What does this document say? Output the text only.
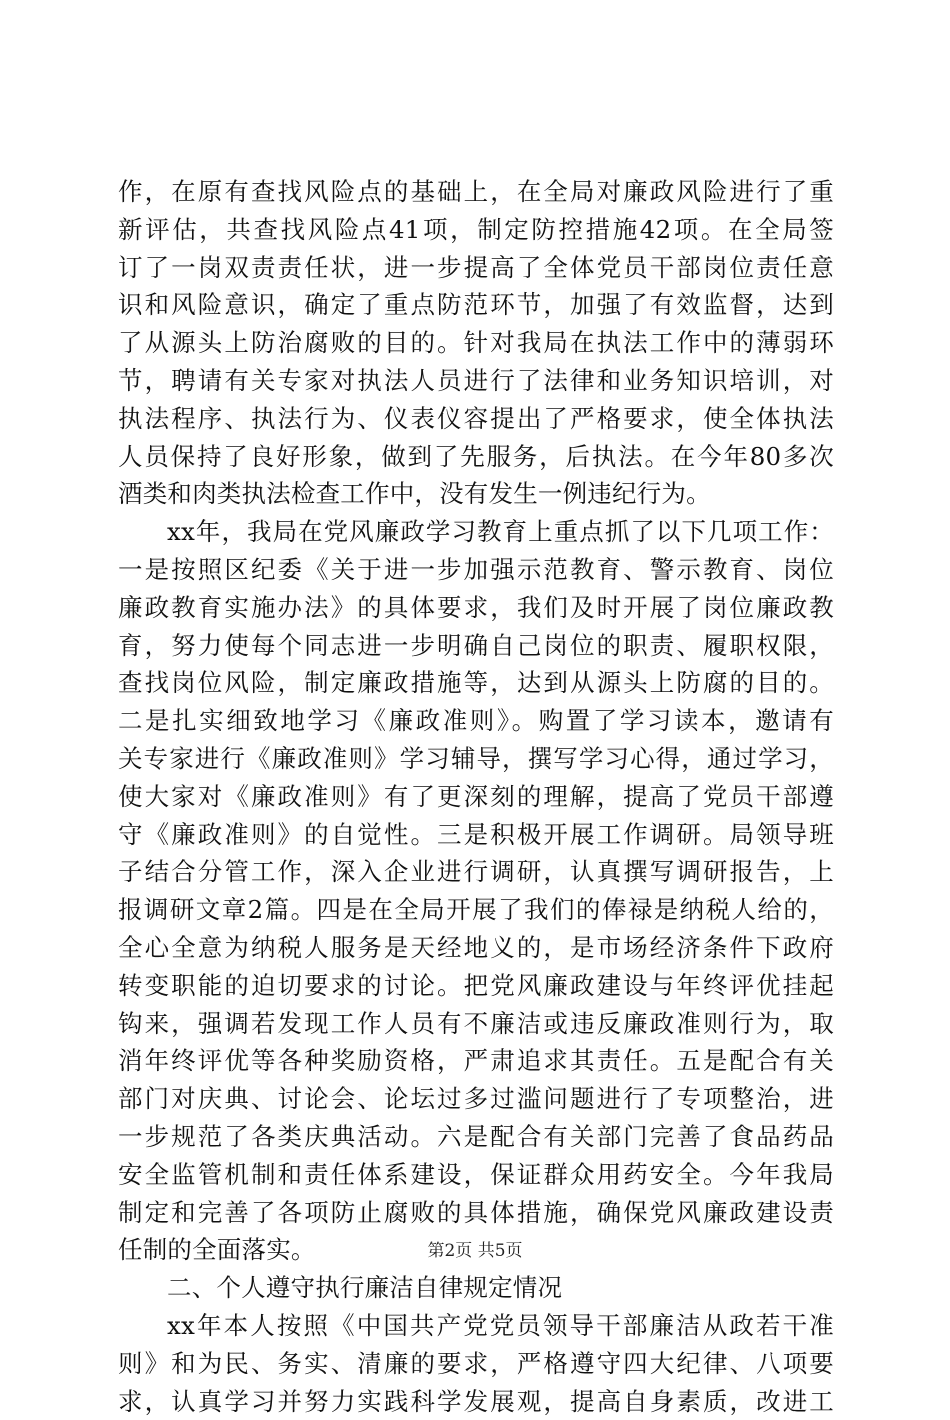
作，在原有查找风险点的基础上，在全局对廉政风险进行了重
新评估，共查找风险点41项，制定防控措施42项。在全局签
订了一岗双责责任状，进一步提高了全体党员干部岗位责任意
识和风险意识，确定了重点防范环节，加强了有效监督，达到
了从源头上防治腐败的目的。针对我局在执法工作中的薄弱环
节，聘请有关专家对执法人员进行了法律和业务知识培训，对
执法程序、执法行为、仪表仪容提出了严格要求，使全体执法
人员保持了良好形象，做到了先服务，后执法。在今年80多次
酒类和肉类执法检查工作中，没有发生一例违纪行为。
xx年，我局在党风廉政学习教育上重点抓了以下几项工作：
一是按照区纪委《关于进一步加强示范教育、警示教育、岗位
廉政教育实施办法》的具体要求，我们及时开展了岗位廉政教
育，努力使每个同志进一步明确自己岗位的职责、履职权限，
查找岗位风险，制定廉政措施等，达到从源头上防腐的目的。
二是扎实细致地学习《廉政准则》。购置了学习读本，邀请有
关专家进行《廉政准则》学习辅导，撰写学习心得，通过学习，
使大家对《廉政准则》有了更深刻的理解，提高了党员干部遵
守《廉政准则》的自觉性。三是积极开展工作调研。局领导班
子结合分管工作，深入企业进行调研，认真撰写调研报告，上
报调研文章2篇。四是在全局开展了我们的俸禄是纳税人给的，
全心全意为纳税人服务是天经地义的，是市场经济条件下政府
转变职能的迫切要求的讨论。把党风廉政建设与年终评优挂起
钩来，强调若发现工作人员有不廉洁或违反廉政准则行为，取
消年终评优等各种奖励资格，严肃追求其责任。五是配合有关
部门对庆典、讨论会、论坛过多过滥问题进行了专项整治，进
一步规范了各类庆典活动。六是配合有关部门完善了食品药品
安全监管机制和责任体系建设，保证群众用药安全。今年我局
制定和完善了各项防止腐败的具体措施，确保党风廉政建设责
任制的全面落实。
二、个人遵守执行廉洁自律规定情况
xx年本人按照《中国共产党党员领导干部廉洁从政若干准
则》和为民、务实、清廉的要求，严格遵守四大纪律、八项要
求，认真学习并努力实践科学发展观，提高自身素质，改进工
第2页 共5页
